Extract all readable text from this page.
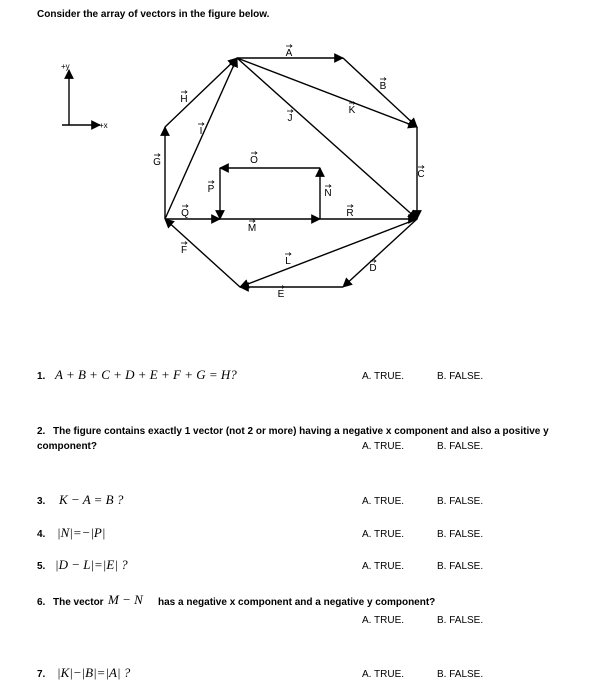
Consider the array of vectors in the figure below.
+y
+x
A
B
C
D
E
F
G
H
I
J
K
L
M
N
O
P
Q	R
1. A + B + C + D + E + F + G = H?	A. TRUE.	B. FALSE.
2. The figure contains exactly 1 vector (not 2 or more) having a negative x component and also a positive y
component?	A. TRUE.	B. FALSE.
3. K − A = B ?	A. TRUE.	B. FALSE.
4. |N|=−|P|	A. TRUE.	B. FALSE.
5. |D − L|=|E| ?	A. TRUE.	B. FALSE.
6. The vector M − N has a negative x component and a negative y component?
A. TRUE.	B. FALSE.
7. |K|−|B|=|A| ?	A. TRUE.	B. FALSE.
